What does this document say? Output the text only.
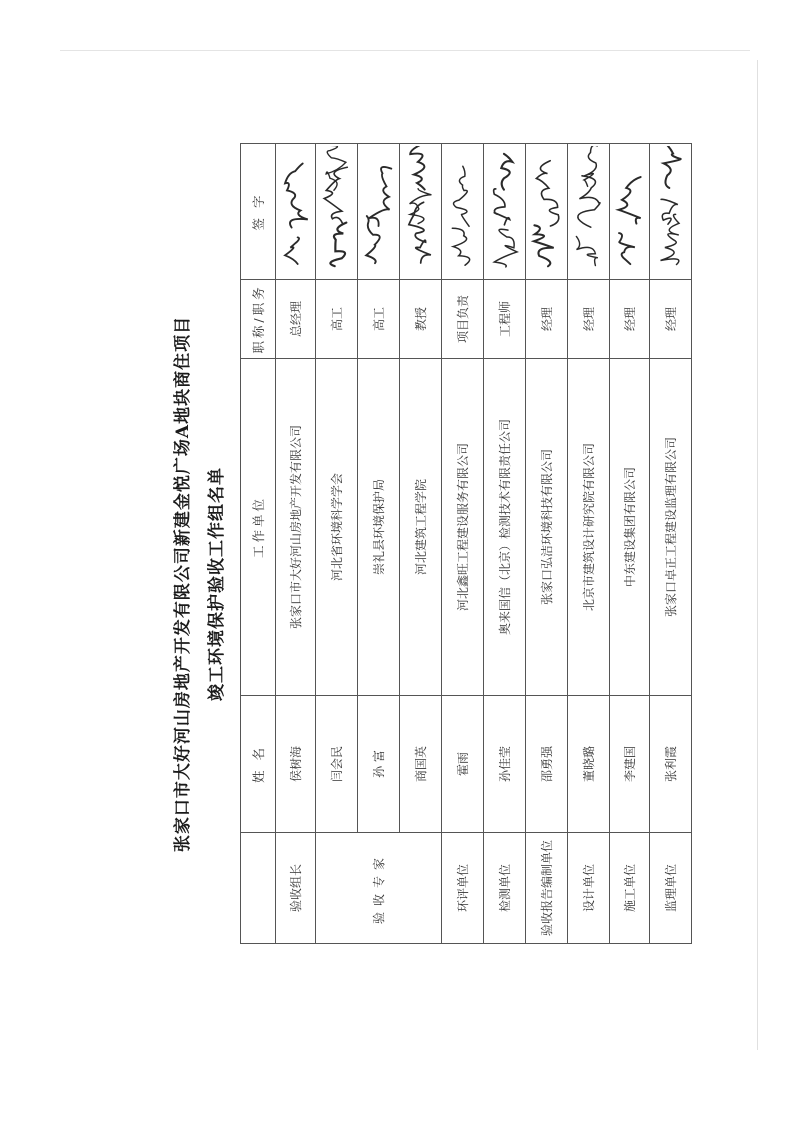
张家口市大好河山房地产开发有限公司新建金悦广场A地块商住项目 竣工环境保护验收工作组名单
	姓 名	工作单位	职称/职务	签 字
验收组长	侯树海	张家口市大好河山房地产开发有限公司	总经理	

验收专家	闫会民	河北省环境科学学会	高工	

	孙 富	崇礼县环境保护局	高工	

	商国英	河北建筑工程学院	教授	

环评单位	霍雨	河北鑫旺工程建设服务有限公司	项目负责	

检测单位	孙佳莹	奥来国信（北京）检测技术有限责任公司	工程师	

验收报告编制单位	邵勇强	张家口弘洁环境科技有限公司	经理	

设计单位	董晓璐	北京市建筑设计研究院有限公司	经理	

施工单位	李建国	中东建设集团有限公司	经理	

监理单位	张利霞	张家口卓正工程建设监理有限公司	经理	
